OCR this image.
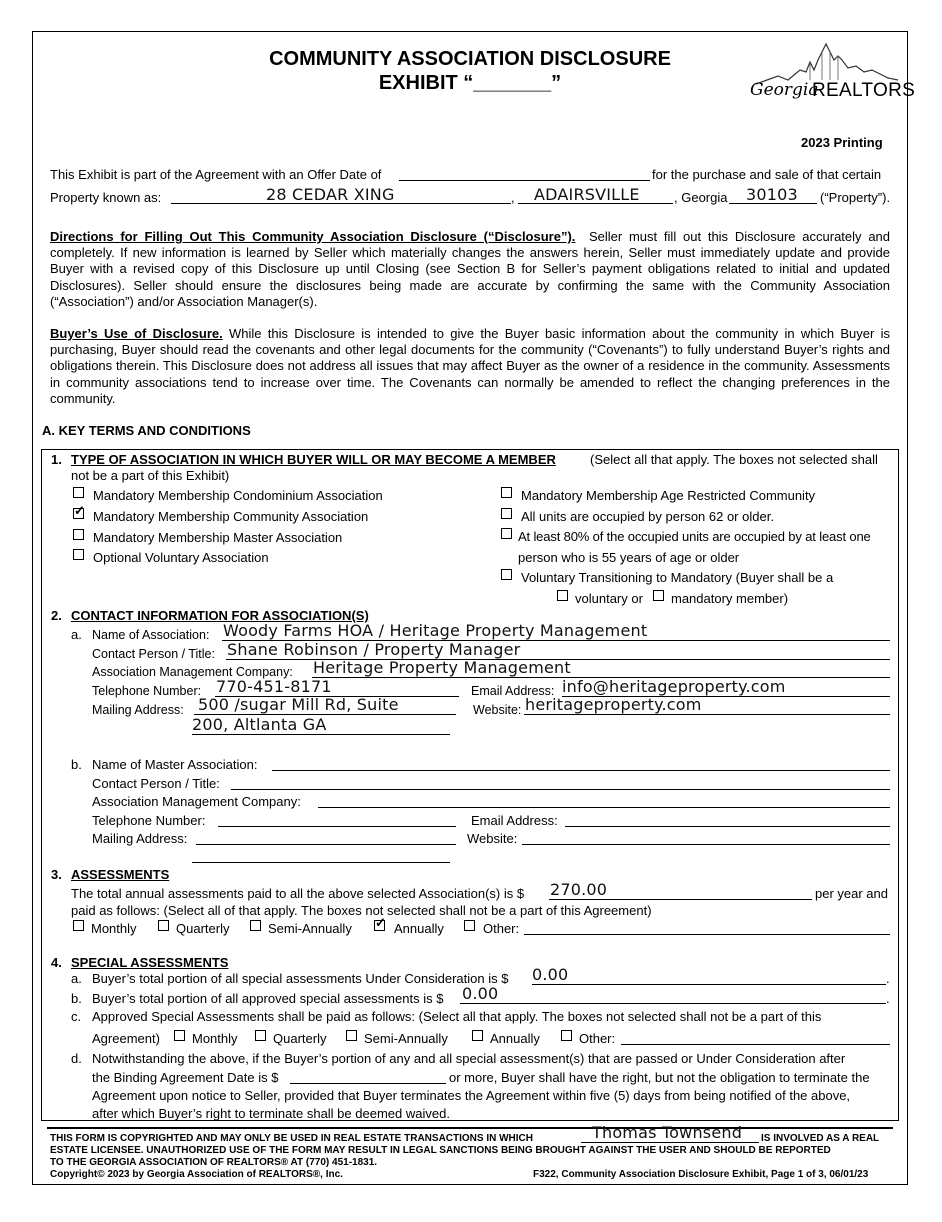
COMMUNITY ASSOCIATION DISCLOSURE
EXHIBIT “_______”	Georgia
REALTORS
2023 Printing
This Exhibit is part of the Agreement with an Offer Date of	for the purchase and sale of that certain
Property known as:	28 CEDAR XING	, ADAIRSVILLE	, Georgia 30103 (“Property”).
Directions for Filling Out This Community Association Disclosure (“Disclosure”). Seller must fill out this Disclosure accurately and completely. If new information is learned by Seller which materially changes the answers herein, Seller must immediately update and provide Buyer with a revised copy of this Disclosure up until Closing (see Section B for Seller’s payment obligations related to initial and updated Disclosures). Seller should ensure the disclosures being made are accurate by confirming the same with the Community Association (“Association”) and/or Association Manager(s).
Buyer’s Use of Disclosure. While this Disclosure is intended to give the Buyer basic information about the community in which Buyer is purchasing, Buyer should read the covenants and other legal documents for the community (“Covenants”) to fully understand Buyer’s rights and obligations therein. This Disclosure does not address all issues that may affect Buyer as the owner of a residence in the community. Assessments in community associations tend to increase over time. The Covenants can normally be amended to reflect the changing preferences in the community.
A. KEY TERMS AND CONDITIONS
1. TYPE OF ASSOCIATION IN WHICH BUYER WILL OR MAY BECOME A MEMBER	(Select all that apply. The boxes not selected shall
not be a part of this Exhibit)
Mandatory Membership Condominium Association
✓
Mandatory Membership Community Association
Mandatory Membership Master Association
Optional Voluntary Association
Mandatory Membership Age Restricted Community
All units are occupied by person 62 or older.
At least 80% of the occupied units are occupied by at least one
person who is 55 years of age or older
Voluntary Transitioning to Mandatory (Buyer shall be a
voluntary or mandatory member)
2. CONTACT INFORMATION FOR ASSOCIATION(S)
a. Name of Association: Woody Farms HOA / Heritage Property Management
Contact Person / Title: Shane Robinson / Property Manager
Association Management Company: Heritage Property Management
Telephone Number: 770-451-8171	Email Address: info@heritageproperty.com
Mailing Address: 500 /sugar Mill Rd, Suite
200, Altlanta GA
Website: heritageproperty.com
b. Name of Master Association:
Contact Person / Title:
Association Management Company:
Telephone Number:	Email Address:
Mailing Address:	Website:
3. ASSESSMENTS
The total annual assessments paid to all the above selected Association(s) is $ 270.00	per year and
paid as follows: (Select all of that apply. The boxes not selected shall not be a part of this Agreement)
Monthly	Quarterly	Semi-Annually
✓	Annually	Other:
4. SPECIAL ASSESSMENTS
a. Buyer’s total portion of all special assessments Under Consideration is $ 0.00	.
b. Buyer’s total portion of all approved special assessments is $ 0.00	.
c. Approved Special Assessments shall be paid as follows: (Select all that apply. The boxes not selected shall not be a part of this
Agreement) Monthly	Quarterly	Semi-Annually	Annually	Other:
d. Notwithstanding the above, if the Buyer’s portion of any and all special assessment(s) that are passed or Under Consideration after
the Binding Agreement Date is $	or more, Buyer shall have the right, but not the obligation to terminate the
Agreement upon notice to Seller, provided that Buyer terminates the Agreement within five (5) days from being notified of the above,
after which Buyer’s right to terminate shall be deemed waived.
THIS FORM IS COPYRIGHTED AND MAY ONLY BE USED IN REAL ESTATE TRANSACTIONS IN WHICH	Thomas Townsend IS INVOLVED AS A REAL
ESTATE LICENSEE. UNAUTHORIZED USE OF THE FORM MAY RESULT IN LEGAL SANCTIONS BEING BROUGHT AGAINST THE USER AND SHOULD BE REPORTED
TO THE GEORGIA ASSOCIATION OF REALTORS® AT (770) 451-1831.
Copyright© 2023 by Georgia Association of REALTORS®, Inc.	F322, Community Association Disclosure Exhibit, Page 1 of 3, 06/01/23
